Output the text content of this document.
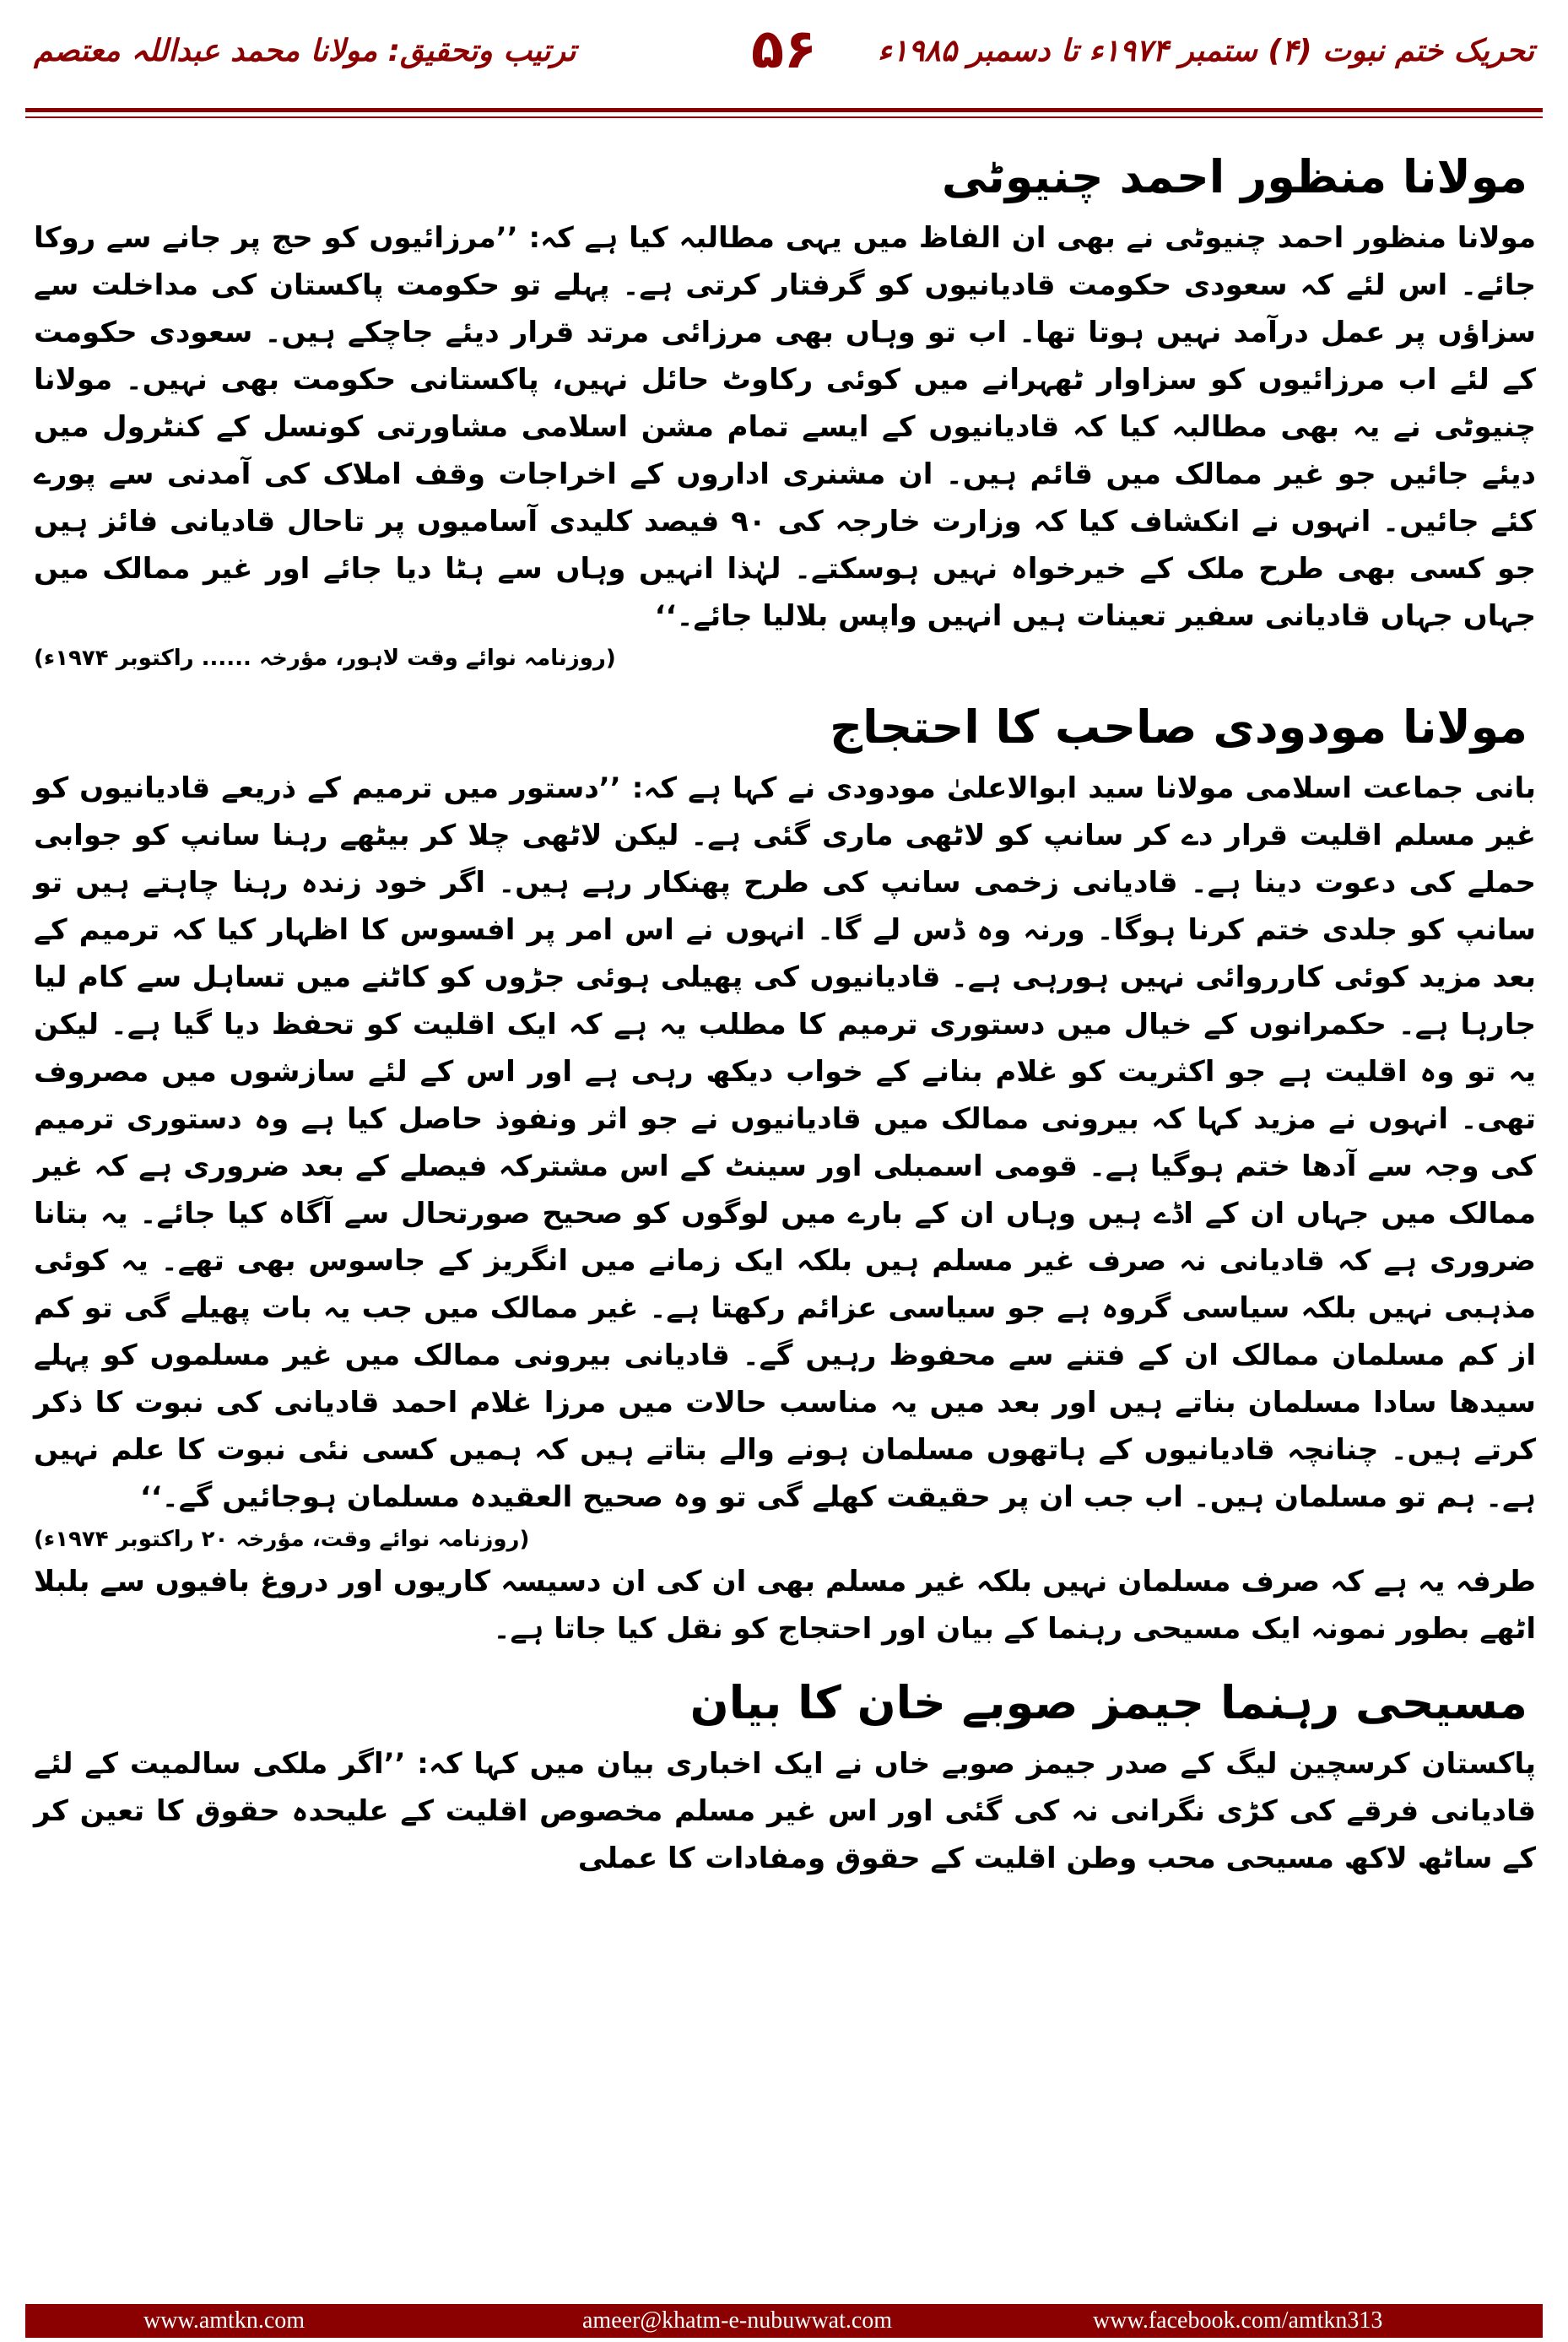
ترتیب وتحقیق: مولانا محمد عبداللہ معتصم	۵۶	تحریک ختم نبوت (۴) ستمبر ۱۹۷۴ء تا دسمبر ۱۹۸۵ء
مولانا منظور احمد چنیوٹی

مولانا منظور احمد چنیوٹی نے بھی ان الفاظ میں یہی مطالبہ کیا ہے کہ: ’’مرزائیوں کو حج پر جانے سے روکا جائے۔ اس لئے کہ سعودی حکومت قادیانیوں کو گرفتار کرتی ہے۔ پہلے تو حکومت پاکستان کی مداخلت سے سزاؤں پر عمل درآمد نہیں ہوتا تھا۔ اب تو وہاں بھی مرزائی مرتد قرار دیئے جاچکے ہیں۔ سعودی حکومت کے لئے اب مرزائیوں کو سزاوار ٹھہرانے میں کوئی رکاوٹ حائل نہیں، پاکستانی حکومت بھی نہیں۔ مولانا چنیوٹی نے یہ بھی مطالبہ کیا کہ قادیانیوں کے ایسے تمام مشن اسلامی مشاورتی کونسل کے کنٹرول میں دیئے جائیں جو غیر ممالک میں قائم ہیں۔ ان مشنری اداروں کے اخراجات وقف املاک کی آمدنی سے پورے کئے جائیں۔ انہوں نے انکشاف کیا کہ وزارت خارجہ کی ۹۰ فیصد کلیدی آسامیوں پر تاحال قادیانی فائز ہیں جو کسی بھی طرح ملک کے خیرخواہ نہیں ہوسکتے۔ لہٰذا انہیں وہاں سے ہٹا دیا جائے اور غیر ممالک میں جہاں جہاں قادیانی سفیر تعینات ہیں انہیں واپس بلالیا جائے۔‘‘

(روزنامہ نوائے وقت لاہور، مؤرخہ ...... راکتوبر ۱۹۷۴ء)
مولانا مودودی صاحب کا احتجاج

بانی جماعت اسلامی مولانا سید ابوالاعلیٰ مودودی نے کہا ہے کہ: ’’دستور میں ترمیم کے ذریعے قادیانیوں کو غیر مسلم اقلیت قرار دے کر سانپ کو لاٹھی ماری گئی ہے۔ لیکن لاٹھی چلا کر بیٹھے رہنا سانپ کو جوابی حملے کی دعوت دینا ہے۔ قادیانی زخمی سانپ کی طرح پھنکار رہے ہیں۔ اگر خود زندہ رہنا چاہتے ہیں تو سانپ کو جلدی ختم کرنا ہوگا۔ ورنہ وہ ڈس لے گا۔ انہوں نے اس امر پر افسوس کا اظہار کیا کہ ترمیم کے بعد مزید کوئی کارروائی نہیں ہورہی ہے۔ قادیانیوں کی پھیلی ہوئی جڑوں کو کاٹنے میں تساہل سے کام لیا جارہا ہے۔ حکمرانوں کے خیال میں دستوری ترمیم کا مطلب یہ ہے کہ ایک اقلیت کو تحفظ دیا گیا ہے۔ لیکن یہ تو وہ اقلیت ہے جو اکثریت کو غلام بنانے کے خواب دیکھ رہی ہے اور اس کے لئے سازشوں میں مصروف تھی۔ انہوں نے مزید کہا کہ بیرونی ممالک میں قادیانیوں نے جو اثر ونفوذ حاصل کیا ہے وہ دستوری ترمیم کی وجہ سے آدھا ختم ہوگیا ہے۔ قومی اسمبلی اور سینٹ کے اس مشترکہ فیصلے کے بعد ضروری ہے کہ غیر ممالک میں جہاں ان کے اڈے ہیں وہاں ان کے بارے میں لوگوں کو صحیح صورتحال سے آگاہ کیا جائے۔ یہ بتانا ضروری ہے کہ قادیانی نہ صرف غیر مسلم ہیں بلکہ ایک زمانے میں انگریز کے جاسوس بھی تھے۔ یہ کوئی مذہبی نہیں بلکہ سیاسی گروہ ہے جو سیاسی عزائم رکھتا ہے۔ غیر ممالک میں جب یہ بات پھیلے گی تو کم از کم مسلمان ممالک ان کے فتنے سے محفوظ رہیں گے۔ قادیانی بیرونی ممالک میں غیر مسلموں کو پہلے سیدھا سادا مسلمان بناتے ہیں اور بعد میں یہ مناسب حالات میں مرزا غلام احمد قادیانی کی نبوت کا ذکر کرتے ہیں۔ چنانچہ قادیانیوں کے ہاتھوں مسلمان ہونے والے بتاتے ہیں کہ ہمیں کسی نئی نبوت کا علم نہیں ہے۔ ہم تو مسلمان ہیں۔ اب جب ان پر حقیقت کھلے گی تو وہ صحیح العقیدہ مسلمان ہوجائیں گے۔‘‘

(روزنامہ نوائے وقت، مؤرخہ ۲۰ راکتوبر ۱۹۷۴ء)

طرفہ یہ ہے کہ صرف مسلمان نہیں بلکہ غیر مسلم بھی ان کی ان دسیسہ کاریوں اور دروغ بافیوں سے بلبلا اٹھے بطور نمونہ ایک مسیحی رہنما کے بیان اور احتجاج کو نقل کیا جاتا ہے۔

مسیحی رہنما جیمز صوبے خان کا بیان

پاکستان کرسچین لیگ کے صدر جیمز صوبے خاں نے ایک اخباری بیان میں کہا کہ: ’’اگر ملکی سالمیت کے لئے قادیانی فرقے کی کڑی نگرانی نہ کی گئی اور اس غیر مسلم مخصوص اقلیت کے علیحدہ حقوق کا تعین کر کے ساٹھ لاکھ مسیحی محب وطن اقلیت کے حقوق ومفادات کا عملی

www.amtkn.com	ameer@khatm-e-nubuwwat.com	www.facebook.com/amtkn313
